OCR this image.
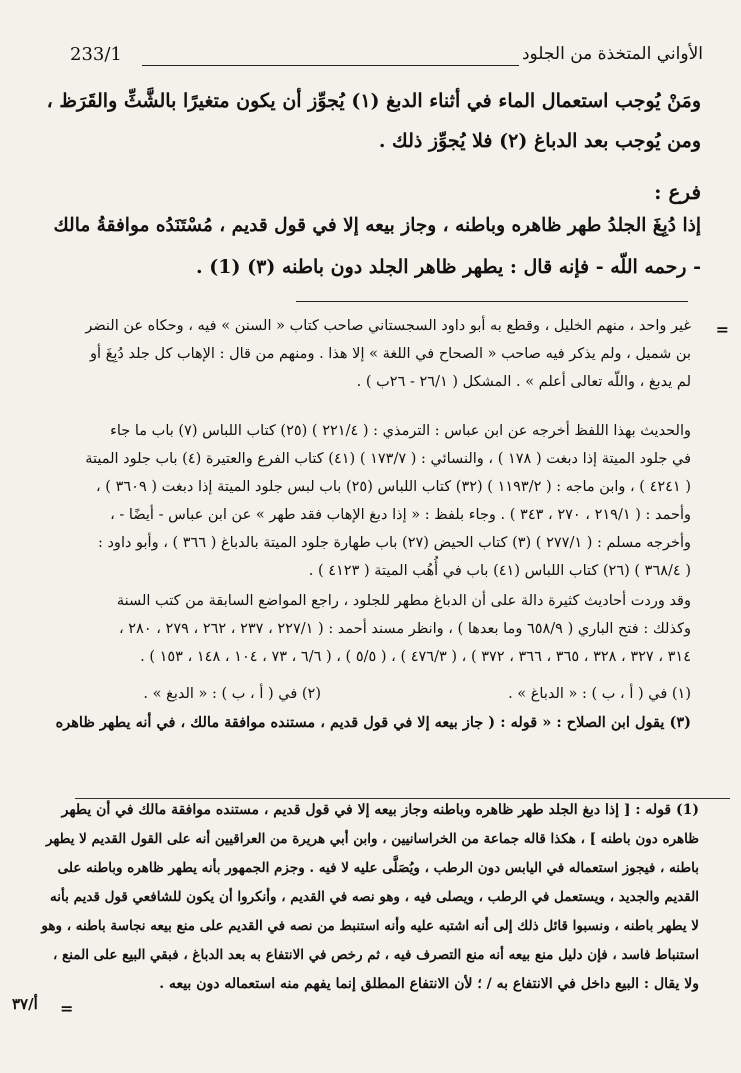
الأواني المتخذة من الجلود
233/1
ومَنْ يُوجب استعمال الماء في أثناء الدبغ (١) يُجوِّز أن يكون متغيرًا بالشَّثِّ والقَرَظ ،
ومن يُوجب بعد الدباغ (٢) فلا يُجوِّز ذلك .
فرع :
إذا دُبِغَ الجلدُ طهر ظاهره وباطنه ، وجاز بيعه إلا في قول قديم ، مُسْتَنَدُه موافقةُ مالك
- رحمه اللّه - فإنه قال : يطهر ظاهر الجلد دون باطنه (٣) (1) .
=
غير واحد ، منهم الخليل ، وقطع به أبو داود السجستاني صاحب كتاب « السنن » فيه ، وحكاه عن النضر
بن شميل ، ولم يذكر فيه صاحب « الصحاح في اللغة » إلا هذا . ومنهم من قال : الإهاب كل جلد دُبِغَ أو
لم يدبغ ، واللّه تعالى أعلم » . المشكل ( ٢٦/١ - ٢٦ب ) .
والحديث بهذا اللفظ أخرجه عن ابن عباس : الترمذي : ( ٢٢١/٤ ) (٢٥) كتاب اللباس (٧) باب ما جاء
في جلود الميتة إذا دبغت ( ١٧٨ ) ، والنسائي : ( ١٧٣/٧ ) (٤١) كتاب الفرع والعتيرة (٤) باب جلود الميتة
( ٤٢٤١ ) ، وابن ماجه : ( ١١٩٣/٢ ) (٣٢) كتاب اللباس (٢٥) باب لبس جلود الميتة إذا دبغت ( ٣٦٠٩ ) ،
وأحمد : ( ٢١٩/١ ، ٢٧٠ ، ٣٤٣ ) . وجاء بلفظ : « إذا دبغ الإهاب فقد طهر » عن ابن عباس - أيضًا - ،
وأخرجه مسلم : ( ٢٧٧/١ ) (٣) كتاب الحيض (٢٧) باب طهارة جلود الميتة بالدباغ ( ٣٦٦ ) ، وأبو داود :
( ٣٦٨/٤ ) (٢٦) كتاب اللباس (٤١) باب في أُهُب الميتة ( ٤١٢٣ ) .
وقد وردت أحاديث كثيرة دالة على أن الدباغ مطهر للجلود ، راجع المواضع السابقة من كتب السنة
وكذلك : فتح الباري ( ٦٥٨/٩ وما بعدها ) ، وانظر مسند أحمد : ( ٢٢٧/١ ، ٢٣٧ ، ٢٦٢ ، ٢٧٩ ، ٢٨٠ ،
٣١٤ ، ٣٢٧ ، ٣٢٨ ، ٣٦٥ ، ٣٦٦ ، ٣٧٢ ) ، ( ٤٧٦/٣ ) ، ( ٥/٥ ) ، ( ٦/٦ ، ٧٣ ، ١٠٤ ، ١٤٨ ، ١٥٣ ) .
(١) في ( أ ، ب ) : « الدباغ » .
(٢) في ( أ ، ب ) : « الدبغ » .
(٣) يقول ابن الصلاح : « قوله : ( جاز بيعه إلا في قول قديم ، مستنده موافقة مالك ، في أنه يطهر ظاهره
(1) قوله : [ إذا دبغ الجلد طهر ظاهره وباطنه وجاز بيعه إلا في قول قديم ، مستنده موافقة مالك في أن يطهر
ظاهره دون باطنه ] ، هكذا قاله جماعة من الخراسانيين ، وابن أبي هريرة من العراقيين أنه على القول القديم لا يطهر
باطنه ، فيجوز استعماله في اليابس دون الرطب ، ويُصَلَّى عليه لا فيه . وجزم الجمهور بأنه يطهر ظاهره وباطنه على
القديم والجديد ، ويستعمل في الرطب ، ويصلى فيه ، وهو نصه في القديم ، وأنكروا أن يكون للشافعي قول قديم بأنه
لا يطهر باطنه ، ونسبوا قائل ذلك إلى أنه اشتبه عليه وأنه استنبط من نصه في القديم على منع بيعه نجاسة باطنه ، وهو
استنباط فاسد ، فإن دليل منع بيعه أنه منع التصرف فيه ، ثم رخص في الانتفاع به بعد الدباغ ، فبقي البيع على المنع ،
ولا يقال : البيع داخل في الانتفاع به / ؛ لأن الانتفاع المطلق إنما يفهم منه استعماله دون بيعه .
أ/٣٧ =
